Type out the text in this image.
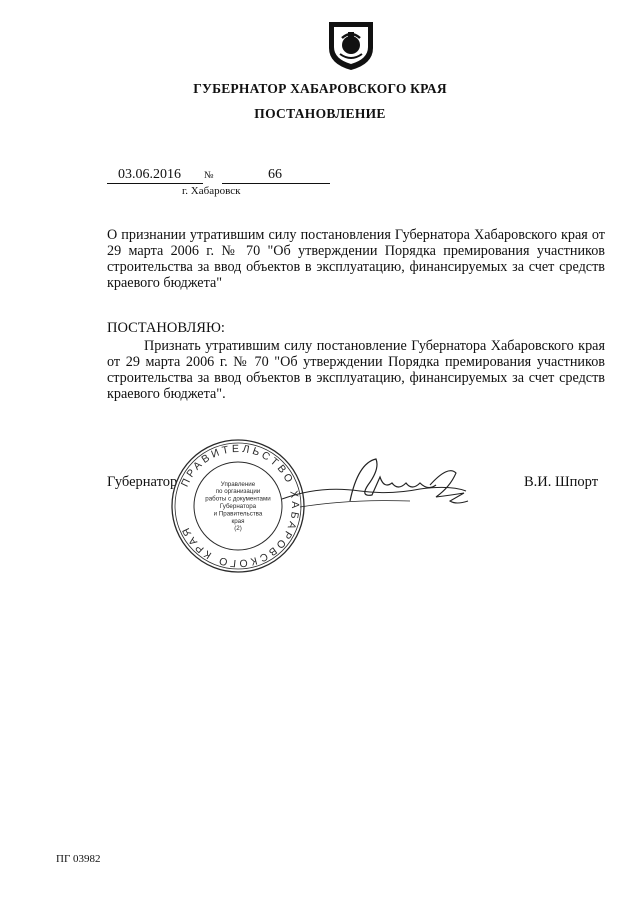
ГУБЕРНАТОР ХАБАРОВСКОГО КРАЯ
ПОСТАНОВЛЕНИЕ
03.06.2016 №	66
г. Хабаровск
О признании утратившим силу постановления Губернатора Хабаровского края от 29 марта 2006 г. № 70 "Об утверждении Порядка премирования участников строительства за ввод объектов в эксплуатацию, финансируемых за счет средств краевого бюджета"
ПОСТАНОВЛЯЮ:
Признать утратившим силу постановление Губернатора Хабаровского края от 29 марта 2006 г. № 70 "Об утверждении Порядка премирования участников строительства за ввод объектов в эксплуатацию, финансируемых за счет средств краевого бюджета".
Губернатор	В.И. Шпорт
ПРАВИТЕЛЬСТВО ХАБАРОВСКОГО КРАЯ
Управление
по организации
работы с документами
Губернатора
и Правительства
края
(2)
ПГ 03982
